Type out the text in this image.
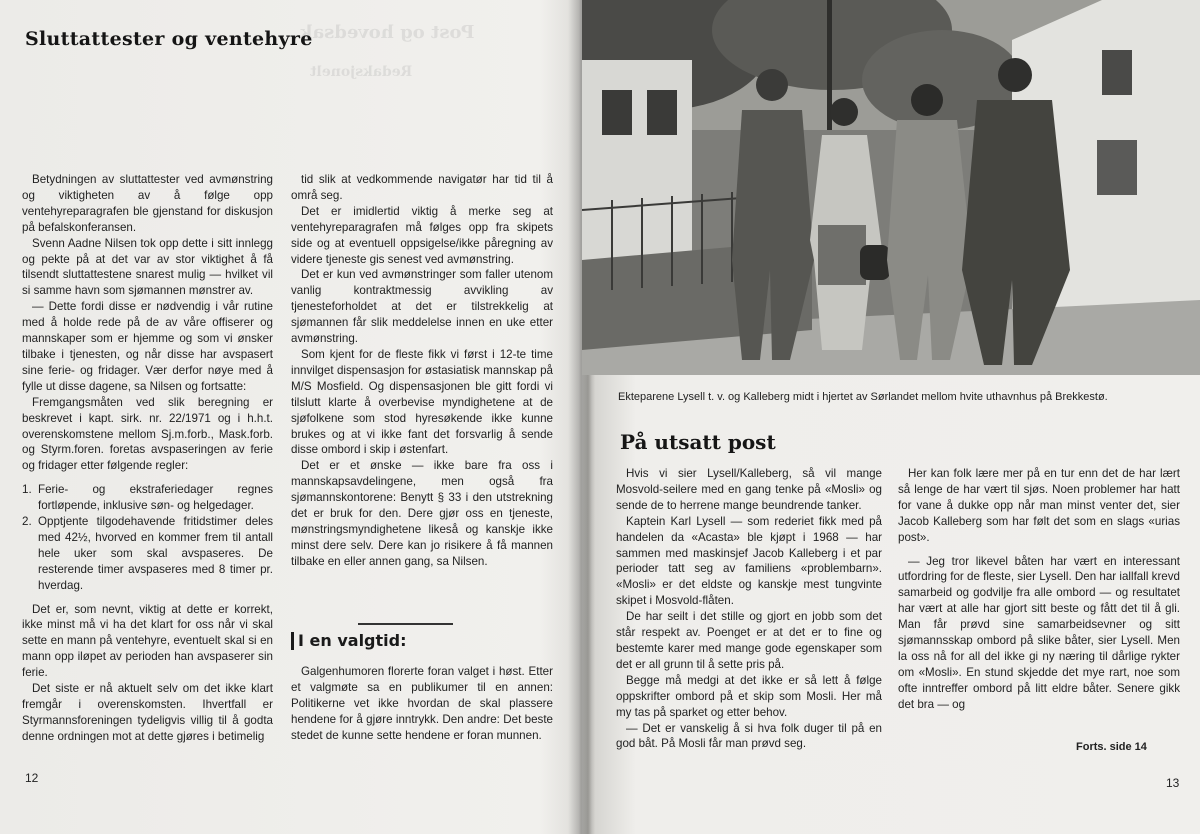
Post og hovedsak
Redaksjonelt
Sluttattester og ventehyre

Betydningen av sluttattester ved avmønstring og viktigheten av å følge opp ventehyreparagrafen ble gjenstand for diskusjon på befalskonferansen.

Svenn Aadne Nilsen tok opp dette i sitt innlegg og pekte på at det var av stor viktighet å få tilsendt sluttattestene snarest mulig — hvilket vil si samme havn som sjømannen mønstrer av.

— Dette fordi disse er nødvendig i vår rutine med å holde rede på de av våre offiserer og mannskaper som er hjemme og som vi ønsker tilbake i tjenesten, og når disse har avspasert sine ferie- og fridager. Vær derfor nøye med å fylle ut disse dagene, sa Nilsen og fortsatte:

Fremgangsmåten ved slik beregning er beskrevet i kapt. sirk. nr. 22/1971 og i h.h.t. overenskomstene mellom Sj.m.forb., Mask.forb. og Styrm.foren. foretas avspaseringen av ferie og fridager etter følgende regler:

1. Ferie- og ekstraferiedager regnes fortløpende, inklusive søn- og helgedager.
2. Opptjente tilgodehavende fritidstimer deles med 42½, hvorved en kommer frem til antall hele uker som skal avspaseres. De resterende timer avspaseres med 8 timer pr. hverdag.

Det er, som nevnt, viktig at dette er korrekt, ikke minst må vi ha det klart for oss når vi skal sette en mann på ventehyre, eventuelt skal si en mann opp iløpet av perioden han avspaserer sin ferie.

Det siste er nå aktuelt selv om det ikke klart fremgår i overenskomsten. Ihvertfall er Styrmannsforeningen tydeligvis villig til å godta denne ordningen mot at dette gjøres i betimelig

tid slik at vedkommende navigatør har tid til å områ seg.

Det er imidlertid viktig å merke seg at ventehyreparagrafen må følges opp fra skipets side og at eventuell oppsigelse/ikke påregning av videre tjeneste gis senest ved avmønstring.

Det er kun ved avmønstringer som faller utenom vanlig kontraktmessig avvikling av tjenesteforholdet at det er tilstrekkelig at sjømannen får slik meddelelse innen en uke etter avmønstring.

Som kjent for de fleste fikk vi først i 12-te time innvilget dispensasjon for østasiatisk mannskap på M/S Mosfield. Og dispensasjonen ble gitt fordi vi tilslutt klarte å overbevise myndighetene at de sjøfolkene som stod hyresøkende ikke kunne brukes og at vi ikke fant det forsvarlig å sende disse ombord i skip i østenfart.

Det er et ønske — ikke bare fra oss i mannskapsavdelingene, men også fra sjømannskontorene: Benytt § 33 i den utstrekning det er bruk for den. Dere gjør oss en tjeneste, mønstringsmyndighetene likeså og kanskje ikke minst dere selv. Dere kan jo risikere å få mannen tilbake en eller annen gang, sa Nilsen.

I en valgtid:

Galgenhumoren florerte foran valget i høst. Etter et valgmøte sa en publikumer til en annen: Politikerne vet ikke hvordan de skal plassere hendene for å gjøre inntrykk. Den andre: Det beste stedet de kunne sette hendene er foran munnen.

12
Ekteparene Lysell t. v. og Kalleberg midt i hjertet av Sørlandet mellom hvite uthavnhus på Brekkestø.
På utsatt post

Hvis vi sier Lysell/Kalleberg, så vil mange Mosvold-seilere med en gang tenke på «Mosli» og sende de to herrene mange beundrende tanker.

Kaptein Karl Lysell — som rederiet fikk med på handelen da «Acasta» ble kjøpt i 1968 — har sammen med maskinsjef Jacob Kalleberg i et par perioder tatt seg av familiens «problembarn». «Mosli» er det eldste og kanskje mest tungvinte skipet i Mosvold-flåten.

De har seilt i det stille og gjort en jobb som det står respekt av. Poenget er at det er to fine og bestemte karer med mange gode egenskaper som det er all grunn til å sette pris på.

Begge må medgi at det ikke er så lett å følge oppskrifter ombord på et skip som Mosli. Her må my tas på sparket og etter behov.

— Det er vanskelig å si hva folk duger til på en god båt. På Mosli får man prøvd seg.

Her kan folk lære mer på en tur enn det de har lært så lenge de har vært til sjøs. Noen problemer har hatt for vane å dukke opp når man minst venter det, sier Jacob Kalleberg som har følt det som en slags «urias post».

— Jeg tror likevel båten har vært en interessant utfordring for de fleste, sier Lysell. Den har iallfall krevd samarbeid og godvilje fra alle ombord — og resultatet har vært at alle har gjort sitt beste og fått det til å gli. Man får prøvd sine samarbeidsevner og sitt sjømannsskap ombord på slike båter, sier Lysell. Men la oss nå for all del ikke gi ny næring til dårlige rykter om «Mosli». En stund skjedde det mye rart, noe som ofte inntreffer ombord på litt eldre båter. Senere gikk det bra — og

Forts. side 14
13
